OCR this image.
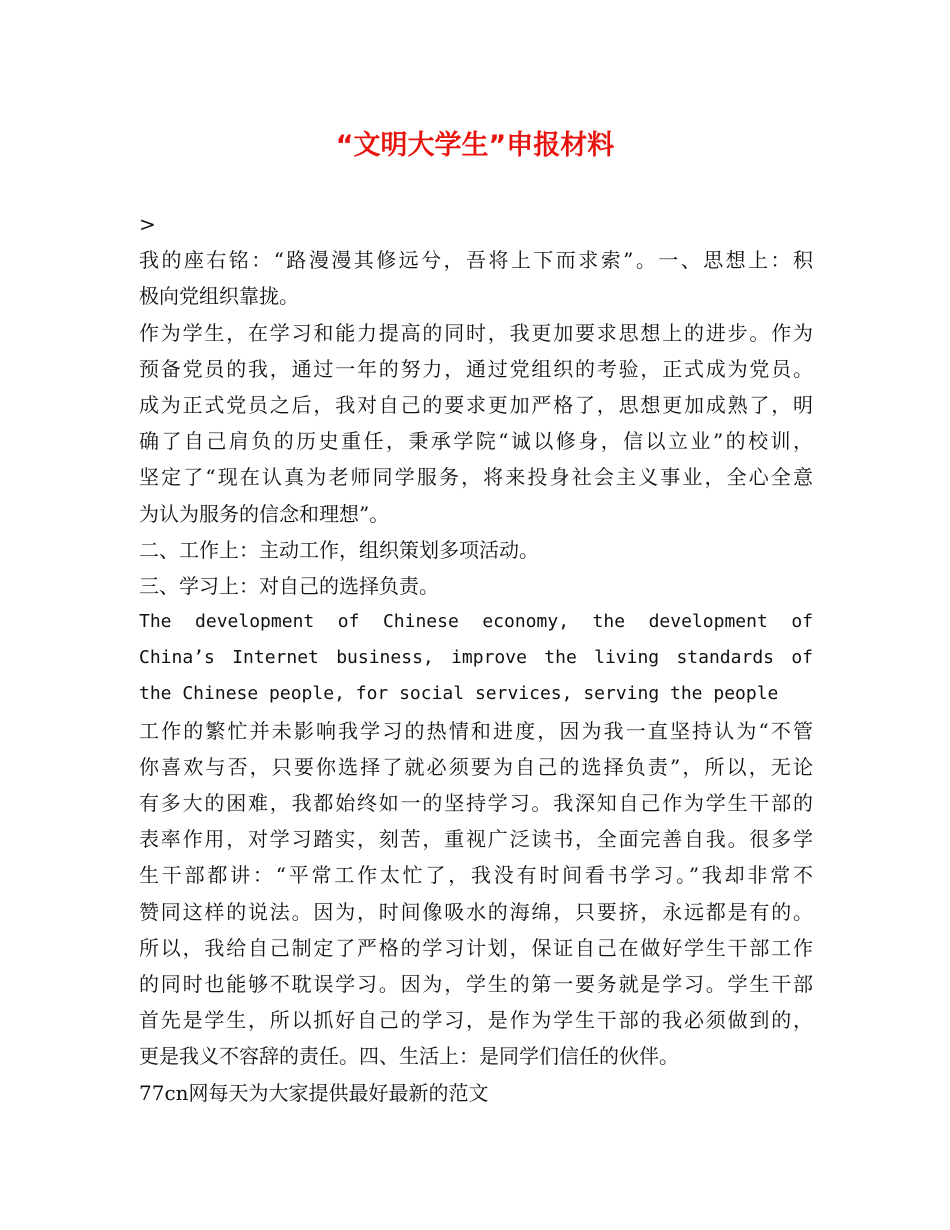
“文明大学生”申报材料

>

我的座右铭：“路漫漫其修远兮，吾将上下而求索”。一、思想上：积

极向党组织靠拢。

作为学生，在学习和能力提高的同时，我更加要求思想上的进步。作为

预备党员的我，通过一年的努力，通过党组织的考验，正式成为党员。

成为正式党员之后，我对自己的要求更加严格了，思想更加成熟了，明

确了自己肩负的历史重任，秉承学院“诚以修身，信以立业”的校训，

坚定了“现在认真为老师同学服务，将来投身社会主义事业，全心全意

为认为服务的信念和理想”。

二、工作上：主动工作，组织策划多项活动。

三、学习上：对自己的选择负责。

The development of Chinese economy, the development of

China’s Internet business, improve the living standards of

the Chinese people, for social services, serving the people

工作的繁忙并未影响我学习的热情和进度，因为我一直坚持认为“不管

你喜欢与否，只要你选择了就必须要为自己的选择负责”，所以，无论

有多大的困难，我都始终如一的坚持学习。我深知自己作为学生干部的

表率作用，对学习踏实，刻苦，重视广泛读书，全面完善自我。很多学

生干部都讲：“平常工作太忙了，我没有时间看书学习。”我却非常不

赞同这样的说法。因为，时间像吸水的海绵，只要挤，永远都是有的。

所以，我给自己制定了严格的学习计划，保证自己在做好学生干部工作

的同时也能够不耽误学习。因为，学生的第一要务就是学习。学生干部

首先是学生，所以抓好自己的学习，是作为学生干部的我必须做到的，

更是我义不容辞的责任。四、生活上：是同学们信任的伙伴。

77cn网每天为大家提供最好最新的范文
